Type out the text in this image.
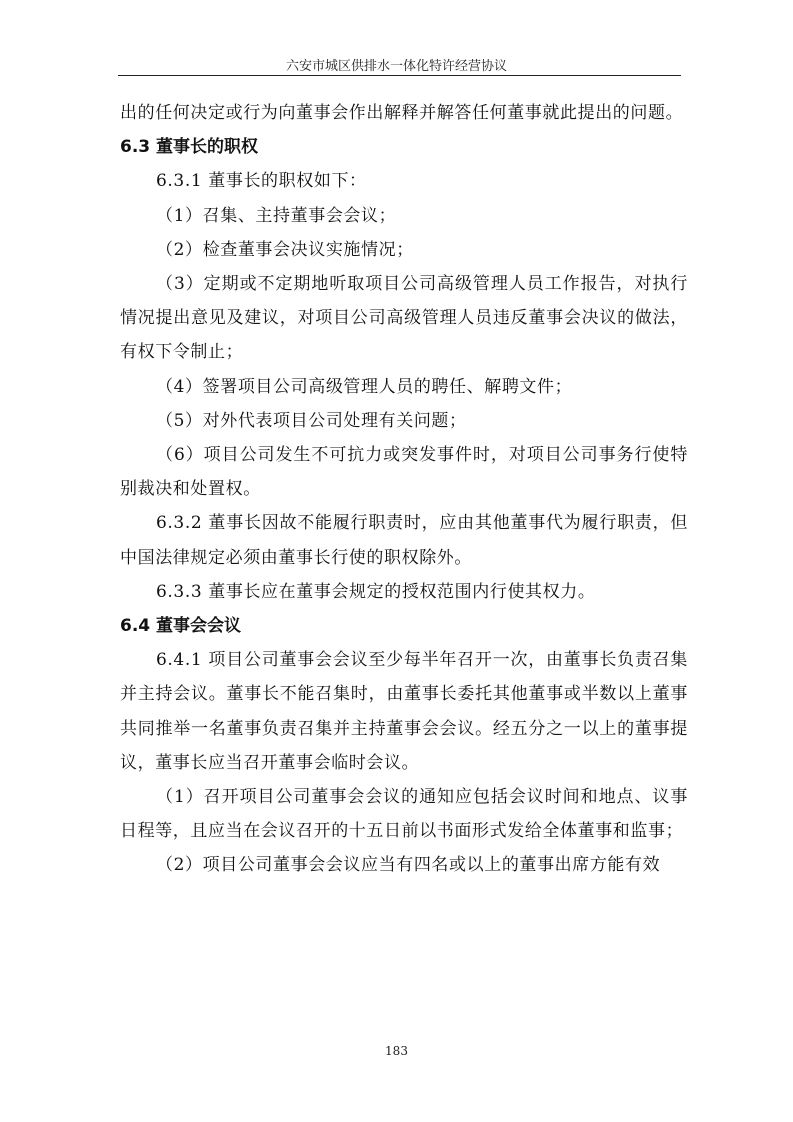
六安市城区供排水一体化特许经营协议

出的任何决定或行为向董事会作出解释并解答任何董事就此提出的问题。

6.3 董事长的职权

6.3.1 董事长的职权如下：

（1）召集、主持董事会会议；

（2）检查董事会决议实施情况；

（3）定期或不定期地听取项目公司高级管理人员工作报告，对执行情况提出意见及建议，对项目公司高级管理人员违反董事会决议的做法，有权下令制止；

（4）签署项目公司高级管理人员的聘任、解聘文件；

（5）对外代表项目公司处理有关问题；

（6）项目公司发生不可抗力或突发事件时，对项目公司事务行使特别裁决和处置权。

6.3.2 董事长因故不能履行职责时，应由其他董事代为履行职责，但中国法律规定必须由董事长行使的职权除外。

6.3.3 董事长应在董事会规定的授权范围内行使其权力。

6.4 董事会会议

6.4.1 项目公司董事会会议至少每半年召开一次，由董事长负责召集并主持会议。董事长不能召集时，由董事长委托其他董事或半数以上董事共同推举一名董事负责召集并主持董事会会议。经五分之一以上的董事提议，董事长应当召开董事会临时会议。

（1）召开项目公司董事会会议的通知应包括会议时间和地点、议事日程等，且应当在会议召开的十五日前以书面形式发给全体董事和监事；

（2）项目公司董事会会议应当有四名或以上的董事出席方能有效

183
